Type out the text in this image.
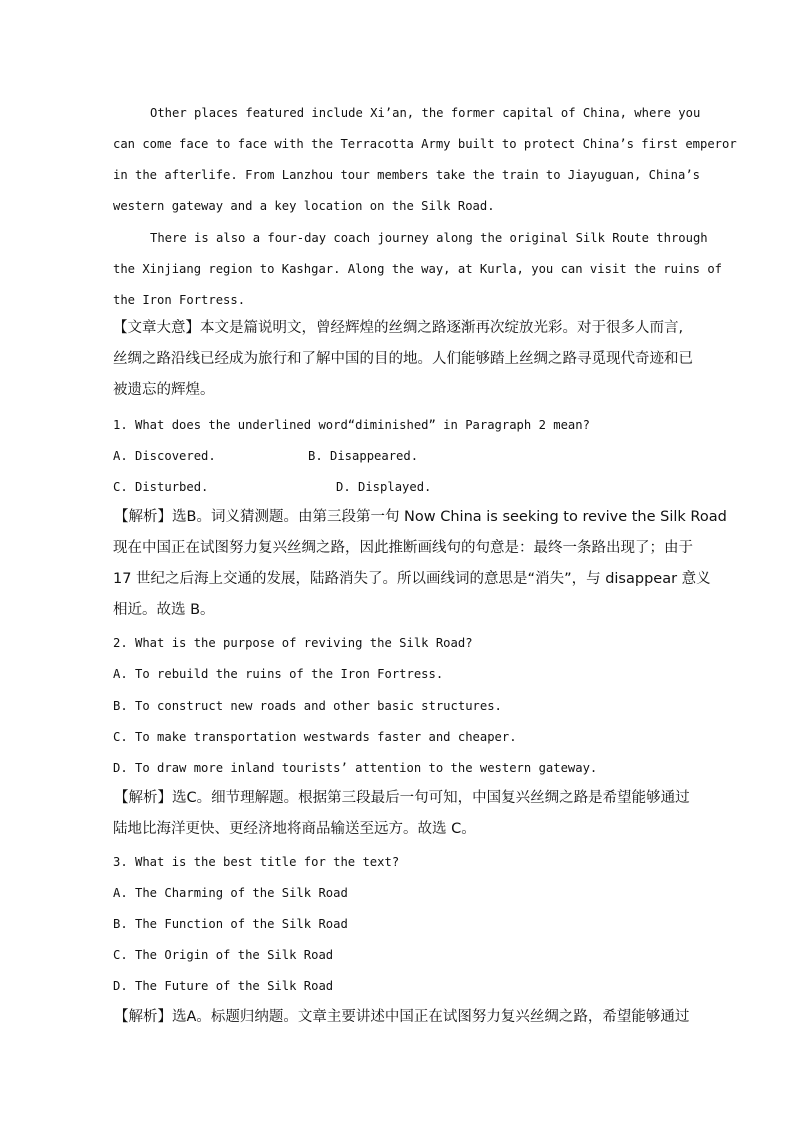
Other places featured include Xi’an, the former capital of China, where you
can come face to face with the Terracotta Army built to protect China’s first emperor
in the afterlife. From Lanzhou tour members take the train to Jiayuguan, China’s
western gateway and a key location on the Silk Road.
There is also a four-day coach journey along the original Silk Route through
the Xinjiang region to Kashgar. Along the way, at Kurla, you can visit the ruins of
the Iron Fortress.
【文章大意】本文是篇说明文，曾经辉煌的丝绸之路逐渐再次绽放光彩。对于很多人而言,
丝绸之路沿线已经成为旅行和了解中国的目的地。人们能够踏上丝绸之路寻觅现代奇迹和已
被遗忘的辉煌。
1. What does the underlined word“diminished” in Paragraph 2 mean?
A. Discovered.	B. Disappeared.
C. Disturbed.	D. Displayed.
【解析】选B。词义猜测题。由第三段第一句 Now China is seeking to revive the Silk Road
现在中国正在试图努力复兴丝绸之路，因此推断画线句的句意是：最终一条路出现了；由于
17 世纪之后海上交通的发展，陆路消失了。所以画线词的意思是“消失”，与 disappear 意义
相近。故选 B。
2. What is the purpose of reviving the Silk Road?
A. To rebuild the ruins of the Iron Fortress.
B. To construct new roads and other basic structures.
C. To make transportation westwards faster and cheaper.
D. To draw more inland tourists’ attention to the western gateway.
【解析】选C。细节理解题。根据第三段最后一句可知，中国复兴丝绸之路是希望能够通过
陆地比海洋更快、更经济地将商品输送至远方。故选 C。
3. What is the best title for the text?
A. The Charming of the Silk Road
B. The Function of the Silk Road
C. The Origin of the Silk Road
D. The Future of the Silk Road
【解析】选A。标题归纳题。文章主要讲述中国正在试图努力复兴丝绸之路，希望能够通过
